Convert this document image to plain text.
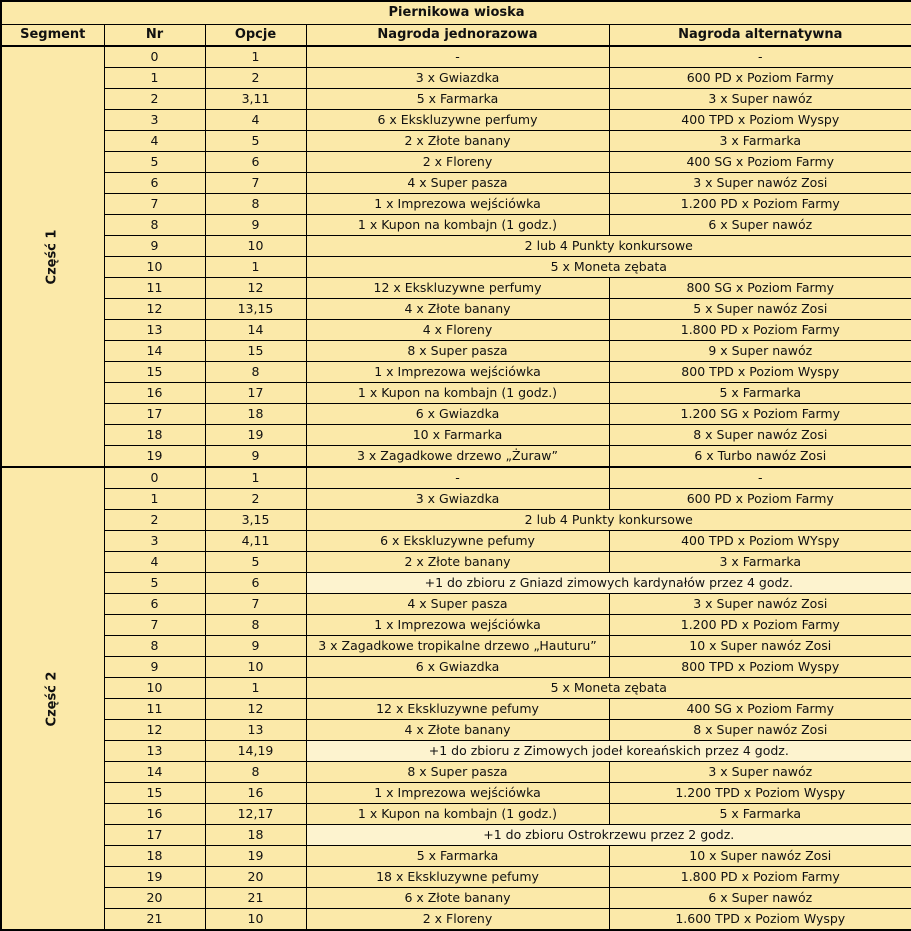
Piernikowa wioska				
Segment	Nr	Opcje	Nagroda jednorazowa	Nagroda alternatywna
Część 1	0	1	-	-
	1	2	3 x Gwiazdka	600 PD x Poziom Farmy
	2	3,11	5 x Farmarka	3 x Super nawóz
	3	4	6 x Ekskluzywne perfumy	400 TPD x Poziom Wyspy
	4	5	2 x Złote banany	3 x Farmarka
	5	6	2 x Floreny	400 SG x Poziom Farmy
	6	7	4 x Super pasza	3 x Super nawóz Zosi
	7	8	1 x Imprezowa wejściówka	1.200 PD x Poziom Farmy
	8	9	1 x Kupon na kombajn (1 godz.)	6 x Super nawóz
	9	10	2 lub 4 Punkty konkursowe	
	10	1	5 x Moneta zębata	
	11	12	12 x Ekskluzywne perfumy	800 SG x Poziom Farmy
	12	13,15	4 x Złote banany	5 x Super nawóz Zosi
	13	14	4 x Floreny	1.800 PD x Poziom Farmy
	14	15	8 x Super pasza	9 x Super nawóz
	15	8	1 x Imprezowa wejściówka	800 TPD x Poziom Wyspy
	16	17	1 x Kupon na kombajn (1 godz.)	5 x Farmarka
	17	18	6 x Gwiazdka	1.200 SG x Poziom Farmy
	18	19	10 x Farmarka	8 x Super nawóz Zosi
	19	9	3 x Zagadkowe drzewo „Żuraw”	6 x Turbo nawóz Zosi
Część 2	0	1	-	-
	1	2	3 x Gwiazdka	600 PD x Poziom Farmy
	2	3,15	2 lub 4 Punkty konkursowe	
	3	4,11	6 x Ekskluzywne pefumy	400 TPD x Poziom WYspy
	4	5	2 x Złote banany	3 x Farmarka
	5	6	+1 do zbioru z Gniazd zimowych kardynałów przez 4 godz.	
	6	7	4 x Super pasza	3 x Super nawóz Zosi
	7	8	1 x Imprezowa wejściówka	1.200 PD x Poziom Farmy
	8	9	3 x Zagadkowe tropikalne drzewo „Hauturu”	10 x Super nawóz Zosi
	9	10	6 x Gwiazdka	800 TPD x Poziom Wyspy
	10	1	5 x Moneta zębata	
	11	12	12 x Ekskluzywne pefumy	400 SG x Poziom Farmy
	12	13	4 x Złote banany	8 x Super nawóz Zosi
	13	14,19	+1 do zbioru z Zimowych jodeł koreańskich przez 4 godz.	
	14	8	8 x Super pasza	3 x Super nawóz
	15	16	1 x Imprezowa wejściówka	1.200 TPD x Poziom Wyspy
	16	12,17	1 x Kupon na kombajn (1 godz.)	5 x Farmarka
	17	18	+1 do zbioru Ostrokrzewu przez 2 godz.	
	18	19	5 x Farmarka	10 x Super nawóz Zosi
	19	20	18 x Ekskluzywne pefumy	1.800 PD x Poziom Farmy
	20	21	6 x Złote banany	6 x Super nawóz
	21	10	2 x Floreny	1.600 TPD x Poziom Wyspy
